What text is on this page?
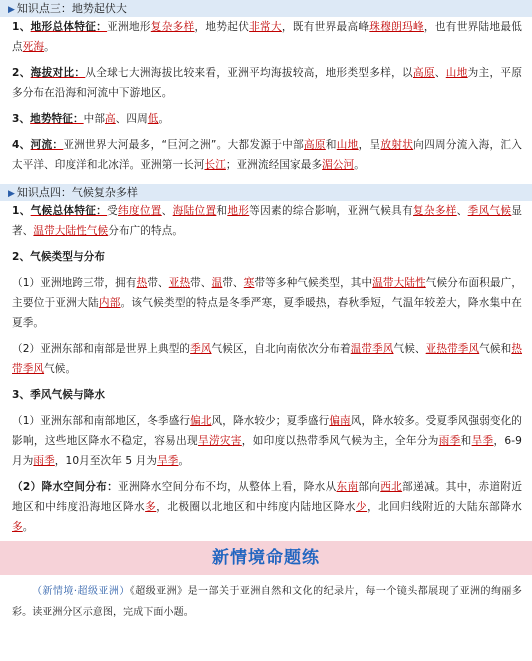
▶ 知识点三：地势起伏大

1、地形总体特征：亚洲地形复杂多样，地势起伏非常大，既有世界最高峰珠穆朗玛峰，也有世界陆地最低点死海。

2、海拔对比：从全球七大洲海拔比较来看，亚洲平均海拔较高，地形类型多样，以高原、山地为主，平原多分布在沿海和河流中下游地区。

3、地势特征：中部高、四周低。

4、河流：亚洲世界大河最多，“巨河之洲”。大都发源于中部高原和山地，呈放射状向四周分流入海，汇入太平洋、印度洋和北冰洋。亚洲第一长河长江；亚洲流经国家最多湄公河。

▶ 知识点四：气候复杂多样

1、气候总体特征：受纬度位置、海陆位置和地形等因素的综合影响，亚洲气候具有复杂多样、季风气候显著、温带大陆性气候分布广的特点。

2、气候类型与分布

（1）亚洲地跨三带，拥有热带、亚热带、温带、寒带等多种气候类型，其中温带大陆性气候分布面积最广，主要位于亚洲大陆内部。该气候类型的特点是冬季严寒，夏季暖热，春秋季短，气温年较差大，降水集中在夏季。

（2）亚洲东部和南部是世界上典型的季风气候区，自北向南依次分布着温带季风气候、亚热带季风气候和热带季风气候。

3、季风气候与降水

（1）亚洲东部和南部地区，冬季盛行偏北风，降水较少；夏季盛行偏南风，降水较多。受夏季风强弱变化的影响，这些地区降水不稳定，容易出现旱涝灾害，如印度以热带季风气候为主，全年分为雨季和旱季，6-9 月为雨季，10月至次年 5 月为旱季。

（2）降水空间分布：亚洲降水空间分布不均，从整体上看，降水从东南部向西北部递减。其中，赤道附近地区和中纬度沿海地区降水多，北极圈以北地区和中纬度内陆地区降水少，北回归线附近的大陆东部降水多。

新情境命题练

（新情境·超级亚洲）《超级亚洲》是一部关于亚洲自然和文化的纪录片，每一个镜头都展现了亚洲的绚丽多彩。读亚洲分区示意图，完成下面小题。
